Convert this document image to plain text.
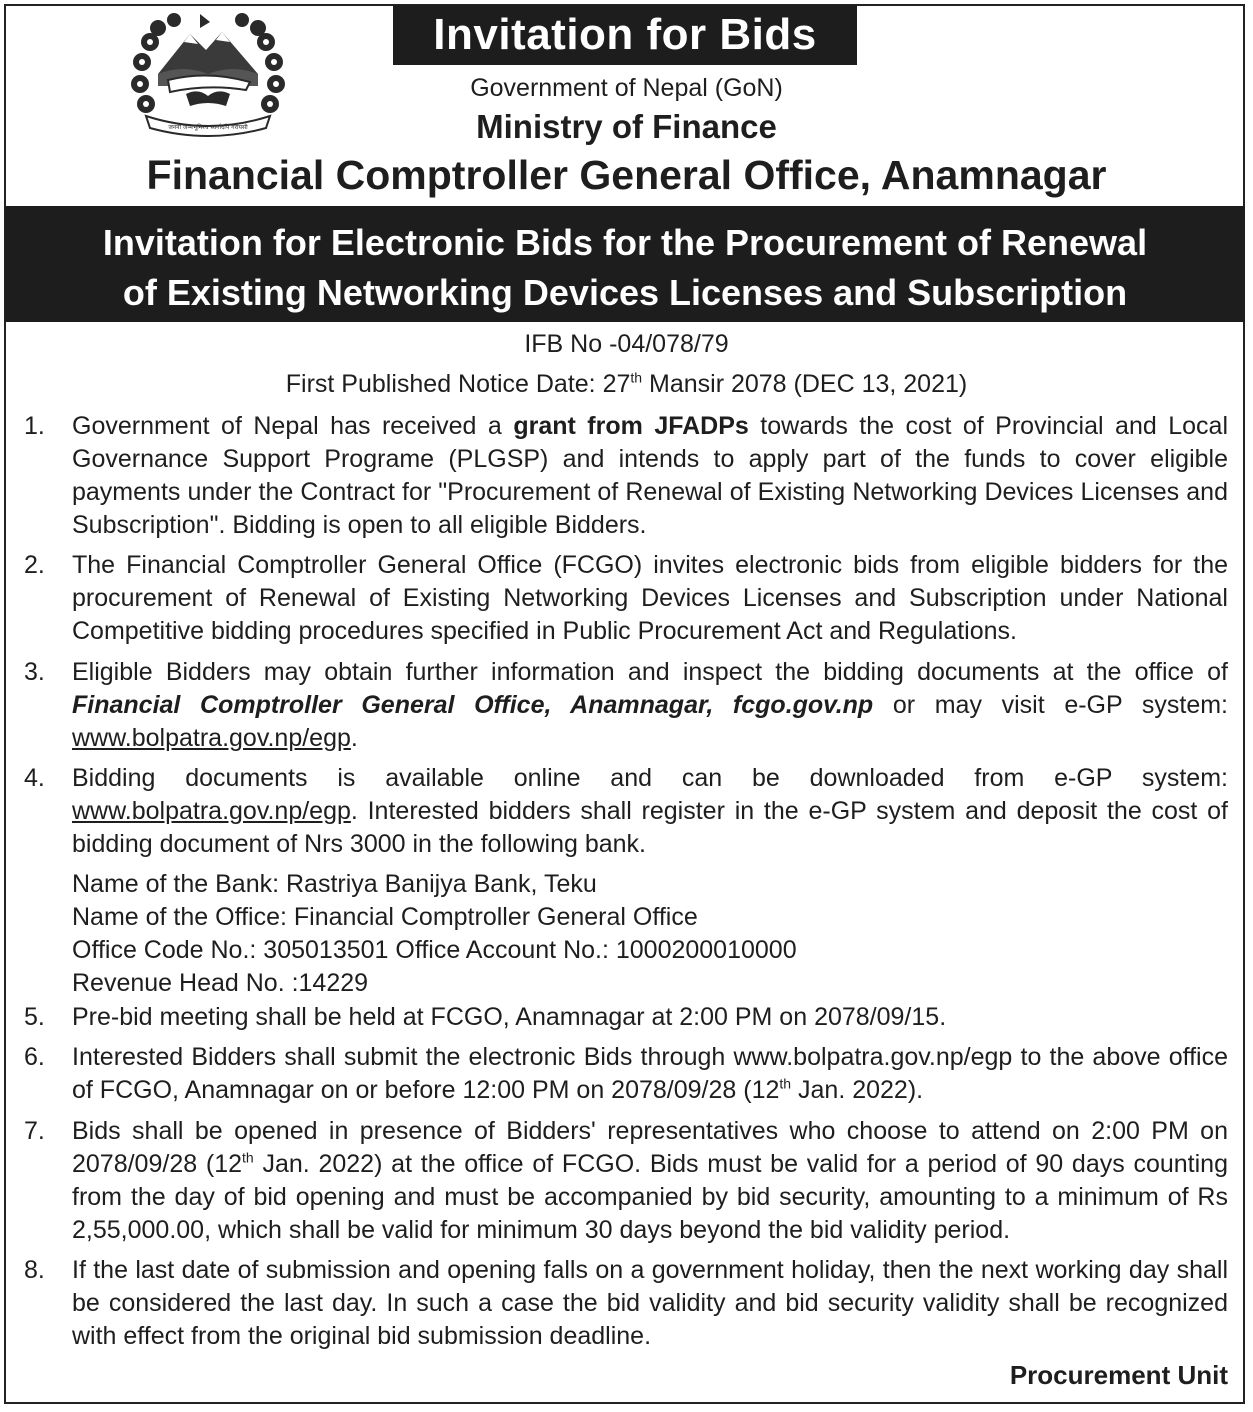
जननी जन्मभूमिश्च स्वर्गादपि गरीयसी
Invitation for Bids
Government of Nepal (GoN)
Ministry of Finance
Financial Comptroller General Office, Anamnagar
Invitation for Electronic Bids for the Procurement of Renewal
of Existing Networking Devices Licenses and Subscription
IFB No -04/078/79
First Published Notice Date: 27th Mansir 2078 (DEC 13, 2021)
1.	Government of Nepal has received a grant from JFADPs towards the cost of Provincial and Local Governance Support Programe (PLGSP) and intends to apply part of the funds to cover eligible payments under the Contract for "Procurement of Renewal of Existing Networking Devices Licenses and Subscription". Bidding is open to all eligible Bidders.
2.	The Financial Comptroller General Office (FCGO) invites electronic bids from eligible bidders for the procurement of Renewal of Existing Networking Devices Licenses and Subscription under National Competitive bidding procedures specified in Public Procurement Act and Regulations.
3.	Eligible Bidders may obtain further information and inspect the bidding documents at the office of Financial Comptroller General Office, Anamnagar, fcgo.gov.np or may visit e-GP system: www.bolpatra.gov.np/egp.
4.	Bidding documents is available online and can be downloaded from e-GP system: www.bolpatra.gov.np/egp. Interested bidders shall register in the e-GP system and deposit the cost of bidding document of Nrs 3000 in the following bank.
Name of the Bank: Rastriya Banijya Bank, Teku
Name of the Office: Financial Comptroller General Office
Office Code No.: 305013501 Office Account No.: 1000200010000
Revenue Head No. :14229
5.	Pre-bid meeting shall be held at FCGO, Anamnagar at 2:00 PM on 2078/09/15.
6.	Interested Bidders shall submit the electronic Bids through www.bolpatra.gov.np/egp to the above office of FCGO, Anamnagar on or before 12:00 PM on 2078/09/28 (12th Jan. 2022).
7.	Bids shall be opened in presence of Bidders' representatives who choose to attend on 2:00 PM on 2078/09/28 (12th Jan. 2022) at the office of FCGO. Bids must be valid for a period of 90 days counting from the day of bid opening and must be accompanied by bid security, amounting to a minimum of Rs 2,55,000.00, which shall be valid for minimum 30 days beyond the bid validity period.
8.	If the last date of submission and opening falls on a government holiday, then the next working day shall be considered the last day. In such a case the bid validity and bid security validity shall be recognized with effect from the original bid submission deadline.
Procurement Unit
